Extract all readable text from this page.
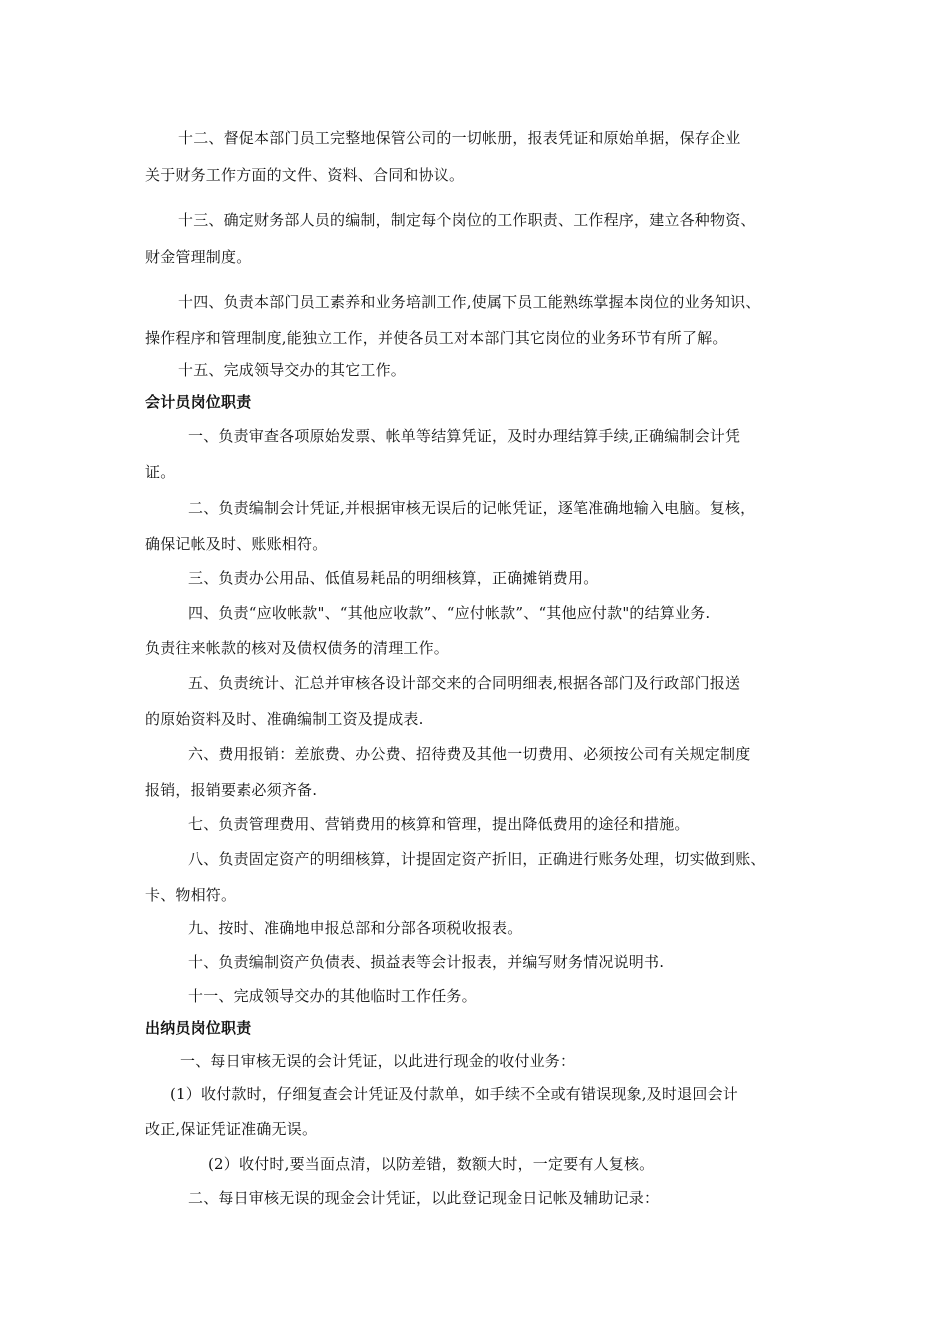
十二、督促本部门员工完整地保管公司的一切帐册，报表凭证和原始单据，保存企业
关于财务工作方面的文件、资料、合同和协议。
十三、确定财务部人员的编制，制定每个岗位的工作职责、工作程序，建立各种物资、
财金管理制度。
十四、负责本部门员工素养和业务培訓工作,使属下员工能熟练掌握本岗位的业务知识、
操作程序和管理制度,能独立工作，并使各员工对本部门其它岗位的业务环节有所了解。
十五、完成领导交办的其它工作。
会计员岗位职责
一、负责审查各项原始发票、帐单等结算凭证，及时办理结算手续,正确编制会计凭
证。
二、负责编制会计凭证,并根据审核无误后的记帐凭证，逐笔准确地输入电脑。复核，
确保记帐及时、账账相符。
三、负责办公用品、低值易耗品的明细核算，正确摊销费用。
四、负责“应收帐款"、“其他应收款”、“应付帐款”、“其他应付款"的结算业务.
负责往来帐款的核对及债权债务的清理工作。
五、负责统计、汇总并审核各设计部交来的合同明细表,根据各部门及行政部门报送
的原始资料及时、准确编制工资及提成表.
六、费用报销：差旅费、办公费、招待费及其他一切费用、必须按公司有关规定制度
报销，报销要素必须齐备.
七、负责管理费用、营销费用的核算和管理，提出降低费用的途径和措施。
八、负责固定资产的明细核算，计提固定资产折旧，正确进行账务处理，切实做到账、
卡、物相符。
九、按时、准确地申报总部和分部各项税收报表。
十、负责编制资产负债表、损益表等会计报表，并编写财务情况说明书.
十一、完成领导交办的其他临时工作任务。
出纳员岗位职责
一、每日审核无误的会计凭证，以此进行现金的收付业务：
(1）收付款时，仔细复查会计凭证及付款单，如手续不全或有错误现象,及时退回会计
改正,保证凭证准确无误。
(2）收付时,要当面点清，以防差错，数额大时，一定要有人复核。
二、每日审核无误的现金会计凭证，以此登记现金日记帐及辅助记录：
